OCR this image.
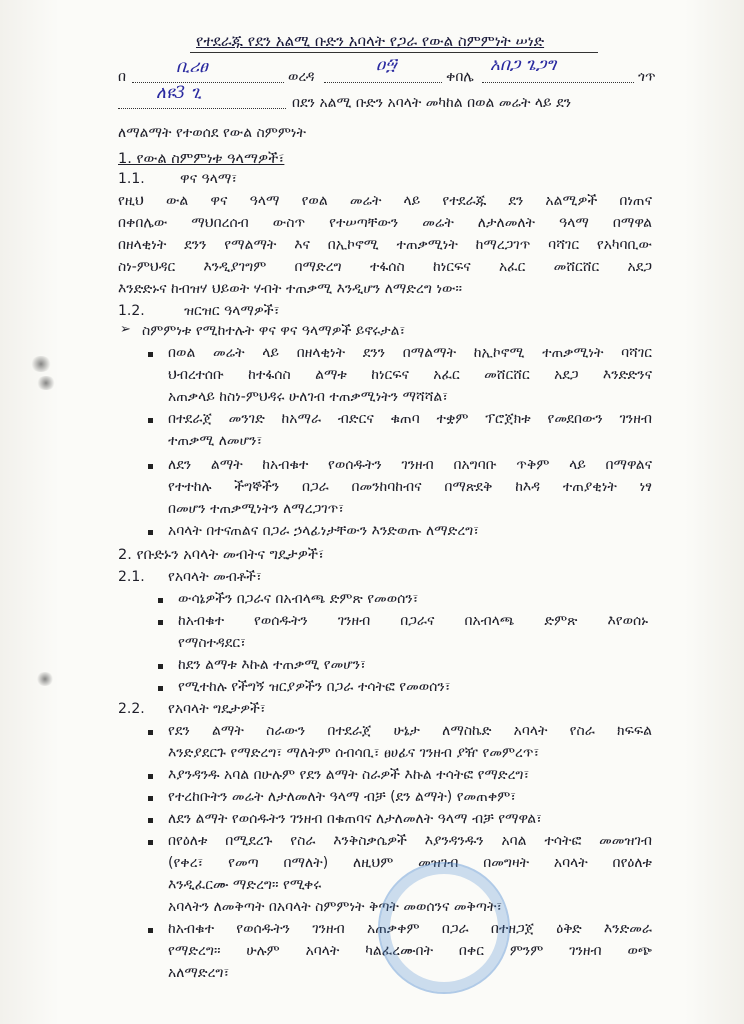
የተደራጁ የደን አልሚ ቡድን አባላት የጋራ የውል ስምምነት ሠነድ
በ	ቢሪፀ	ወረዳ
ዐ፵
ቀበሌ
አበጋ ጌጋግ
ጎጥ
ለዩ3 ጊ	በደን አልሚ ቡድን አባላት መካከል በወል መሬት ላይ ደን
ለማልማት የተወሰደ የውል ስምምነት
1. የውል ስምምነቱ ዓላማዎች፣
1.1.	ዋና ዓላማ፣
የዚህ ውል ዋና ዓላማ የወል መሬት ላይ የተደራጁ ደን አልሚዎች በነጠና
በቀበሌው ማህበረሰብ ውስጥ የተሠጣቸውን መሬት ለታለመለት ዓላማ በማዋል
በዘላቂነት ደንን የማልማት እና በኢኮኖሚ ተጠቃሚነት ከማረጋገጥ ባሻገር የአካባቢው
ስነ-ምህዳር እንዲያገግም በማድረግ ተፋሰስ ከነርፍና አፈር መሸርሸር አደጋ
እንድድኑና ከብዝሃ ህይወት ሃብት ተጠቃሚ እንዲሆን ለማድረግ ነው።
1.2.	ዝርዝር ዓላማዎች፣
➢ ስምምነቱ የሚከተሉት ዋና ዋና ዓላማዎች ይኖሩታል፣
በወል መሬት ላይ በዘላቂነት ደንን በማልማት ከኢኮኖሚ ተጠቃሚነት ባሻገር
ህብረተሰቡ ከተፋሰስ ልማቱ ከነርፍና አፈር መሸርሸር አደጋ እንድድንና
አጠቃላይ ከስነ-ምህዳሩ ሁለገብ ተጠቃሚነትን ማሻሻል፣
በተደራጀ መንገድ ከአማራ ብድርና ቁጠባ ተቋም ፕሮጀክቱ የመደበውን ገንዘብ
ተጠቃሚ ለመሆን፣
ለደን ልማት ከአብቁተ የወሰዱትን ገንዘብ በአግባቡ ጥቅም ላይ በማዋልና
የተተከሉ ችግኞችን በጋራ በመንከባከብና በማጽደቅ ከእዳ ተጠያቂነት ነፃ
በመሆን ተጠቃሚነትን ለማረጋገጥ፣
አባላት በተናጠልና በጋራ ኃላፊነታቸውን እንድወጡ ለማድረግ፣
2. የቡድኑን አባላት መብትና ግዴታዎች፣
2.1. የአባላት መብቶች፣
ውሳኔዎችን በጋራና በአብላጫ ድምጽ የመወሰን፣
ከአብቁተ የወሰዱትን ገንዘብ በጋራና በአብላጫ ድምጽ እየወሰኑ
የማስተዳደር፣
ከደን ልማቱ እኩል ተጠቃሚ የመሆን፣
የሚተከሉ የችግኝ ዝርያዎችን በጋራ ተሳትፎ የመወሰን፣
2.2. የአባላት ግዴታዎች፣
የደን ልማት ስራውን በተደራጀ ሁኔታ ለማስኬድ አባላት የስራ ክፍፍል
እንድያደርጉ የማድረግ፣ ማለትም ሰብሳቢ፣ ፀሀፊና ገንዘብ ያዥ የመምረጥ፣
እያንዳንዱ አባል በሁሉም የደን ልማት ስራዎች እኩል ተሳትፎ የማድረግ፣
የተረከቡትን መሬት ለታለመለት ዓላማ ብቻ (ደን ልማት) የመጠቀም፣
ለደን ልማት የወሰዱትን ገንዘብ በቁጠባና ለታለመለት ዓላማ ብቻ የማዋል፣
በየዕለቱ በሚደረጉ የስራ እንቅስቃሴዎች እያንዳንዱን አባል ተሳትፎ መመዝገብ
(የቀረ፣ የመጣ በማለት) ለዚህም መዝገብ በመግዛት አባላት በየዕለቱ
እንዲፈርሙ ማድረግ። የሚቀሩ
አባላትን ለመቅጣት በአባላት ስምምነት ቅጣት መወሰንና መቅጣት፣
ከአብቁተ የወሰዱትን ገንዘብ አጠቃቀም በጋራ በተዘጋጀ ዕቅድ እንድመራ
የማድረግ። ሁሉም አባላት ካልፈረሙበት በቀር ምንም ገንዘብ ወጭ
አለማድረግ፣
